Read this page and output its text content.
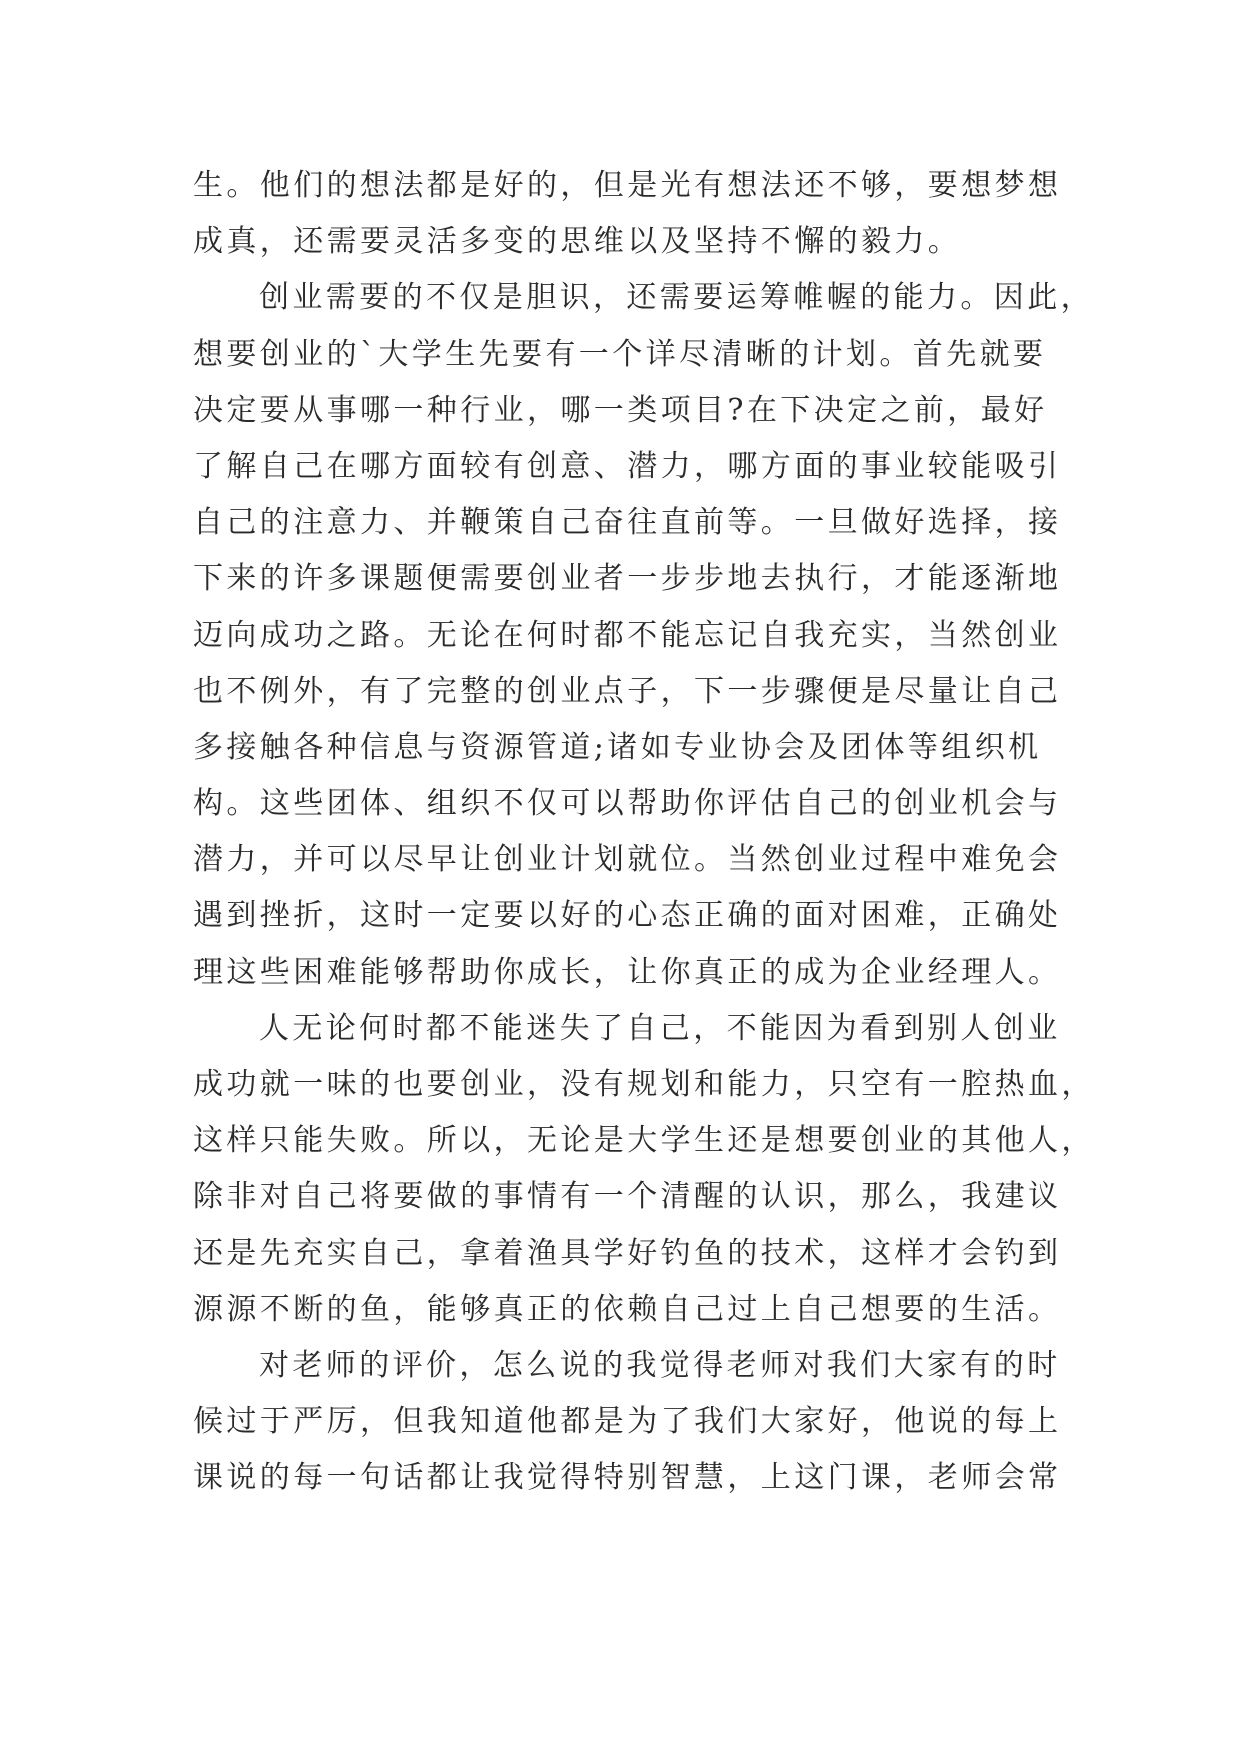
生。他们的想法都是好的，但是光有想法还不够，要想梦想
成真，还需要灵活多变的思维以及坚持不懈的毅力。
创业需要的不仅是胆识，还需要运筹帷幄的能力。因此，
想要创业的`大学生先要有一个详尽清晰的计划。首先就要
决定要从事哪一种行业，哪一类项目?在下决定之前，最好
了解自己在哪方面较有创意、潜力，哪方面的事业较能吸引
自己的注意力、并鞭策自己奋往直前等。一旦做好选择，接
下来的许多课题便需要创业者一步步地去执行，才能逐渐地
迈向成功之路。无论在何时都不能忘记自我充实，当然创业
也不例外，有了完整的创业点子，下一步骤便是尽量让自己
多接触各种信息与资源管道;诸如专业协会及团体等组织机
构。这些团体、组织不仅可以帮助你评估自己的创业机会与
潜力，并可以尽早让创业计划就位。当然创业过程中难免会
遇到挫折，这时一定要以好的心态正确的面对困难，正确处
理这些困难能够帮助你成长，让你真正的成为企业经理人。
人无论何时都不能迷失了自己，不能因为看到别人创业
成功就一味的也要创业，没有规划和能力，只空有一腔热血，
这样只能失败。所以，无论是大学生还是想要创业的其他人，
除非对自己将要做的事情有一个清醒的认识，那么，我建议
还是先充实自己，拿着渔具学好钓鱼的技术，这样才会钓到
源源不断的鱼，能够真正的依赖自己过上自己想要的生活。
对老师的评价，怎么说的我觉得老师对我们大家有的时
候过于严厉，但我知道他都是为了我们大家好，他说的每上
课说的每一句话都让我觉得特别智慧，上这门课，老师会常
